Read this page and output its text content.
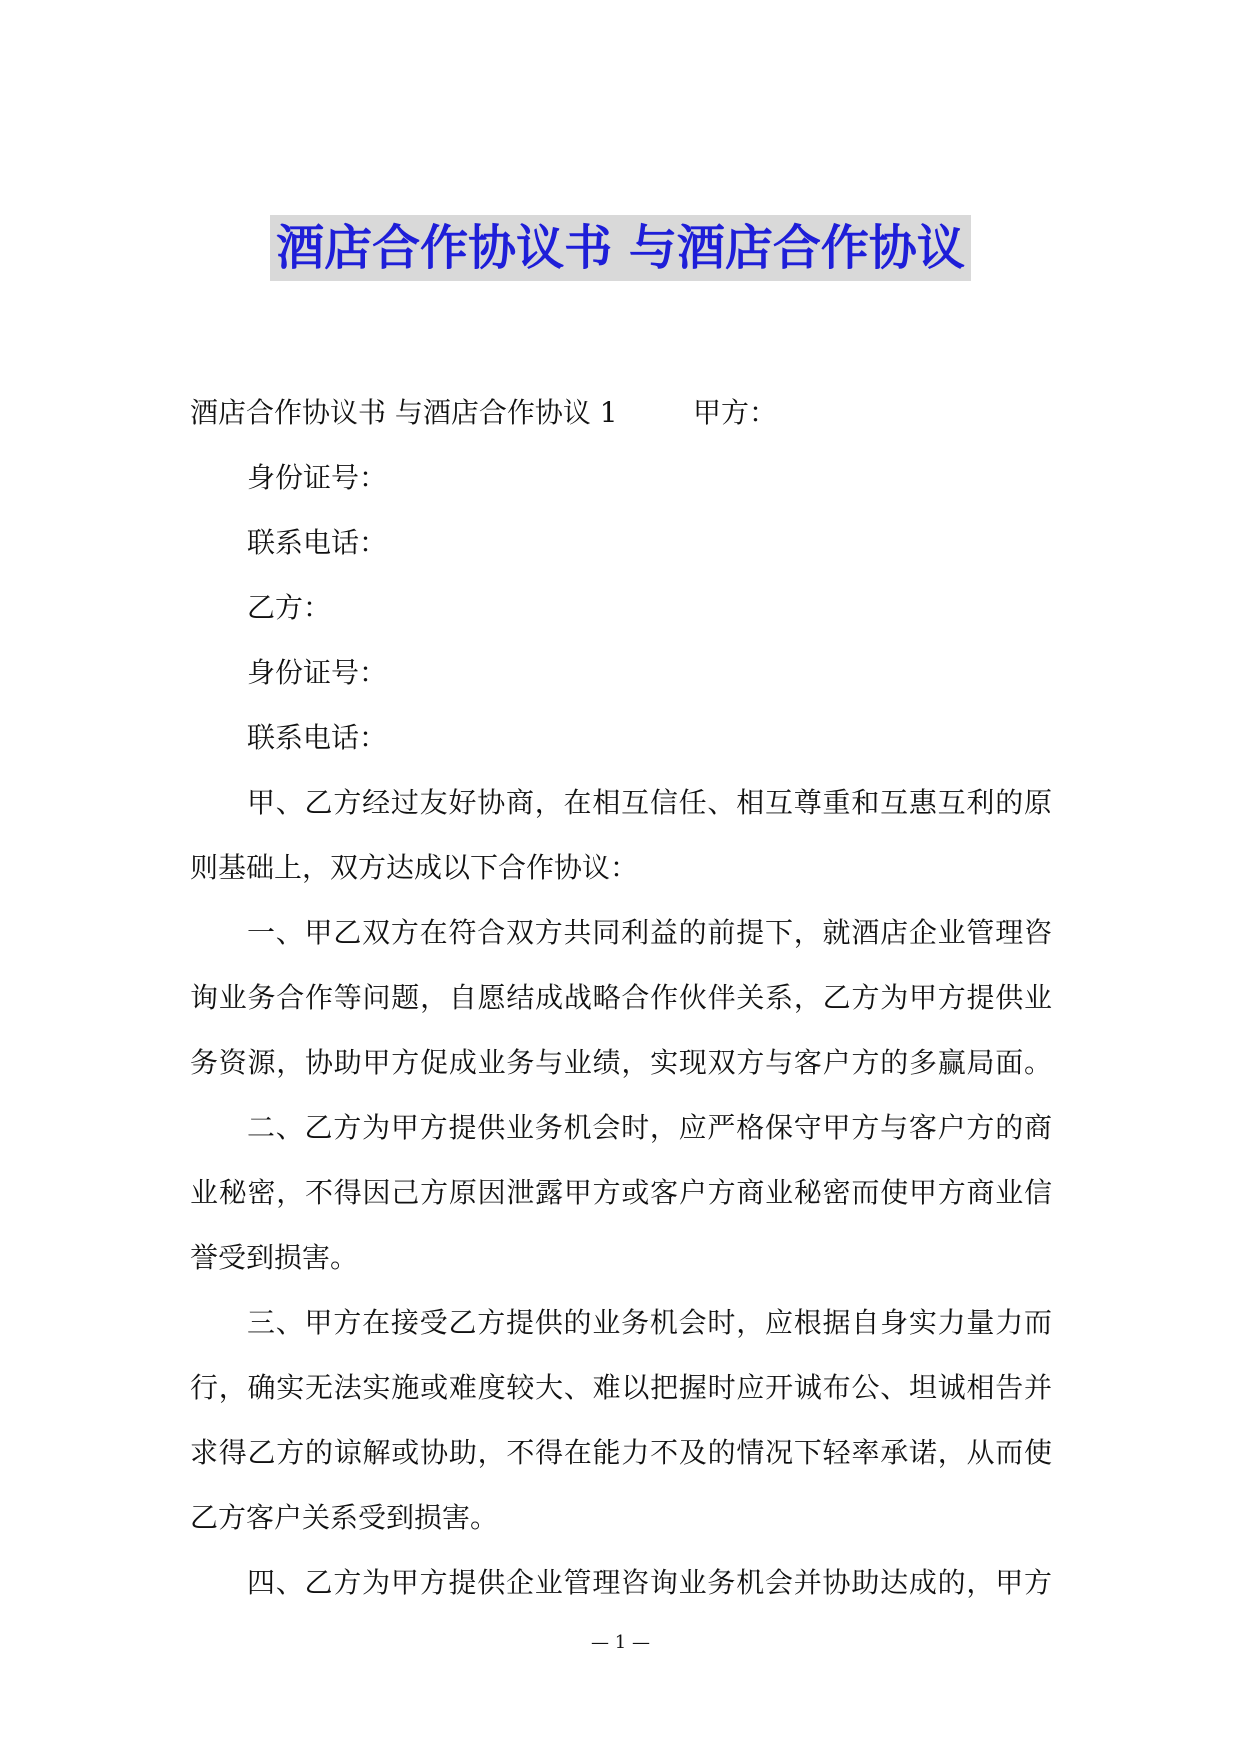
酒店合作协议书 与酒店合作协议
酒店合作协议书 与酒店合作协议 1	甲方：
身份证号：
联系电话：
乙方：
身份证号：
联系电话：
甲、乙方经过友好协商，在相互信任、相互尊重和互惠互利的原
则基础上，双方达成以下合作协议：
一、甲乙双方在符合双方共同利益的前提下，就酒店企业管理咨
询业务合作等问题，自愿结成战略合作伙伴关系，乙方为甲方提供业
务资源，协助甲方促成业务与业绩，实现双方与客户方的多赢局面。
二、乙方为甲方提供业务机会时，应严格保守甲方与客户方的商
业秘密，不得因己方原因泄露甲方或客户方商业秘密而使甲方商业信
誉受到损害。
三、甲方在接受乙方提供的业务机会时，应根据自身实力量力而
行，确实无法实施或难度较大、难以把握时应开诚布公、坦诚相告并
求得乙方的谅解或协助，不得在能力不及的情况下轻率承诺，从而使
乙方客户关系受到损害。
四、乙方为甲方提供企业管理咨询业务机会并协助达成的，甲方
— 1 —
